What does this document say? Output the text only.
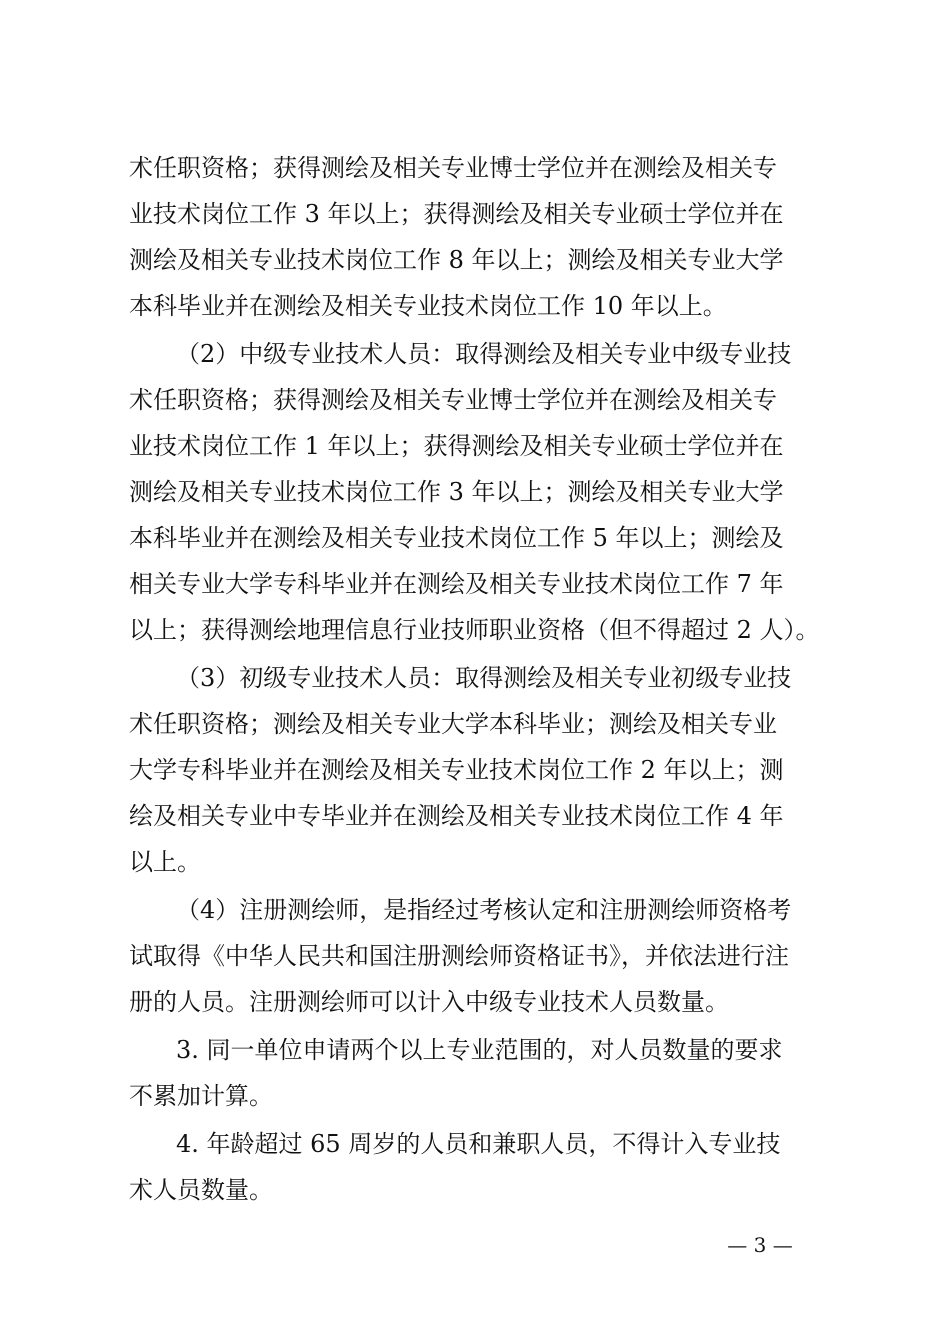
术任职资格；获得测绘及相关专业博士学位并在测绘及相关专
业技术岗位工作 3 年以上；获得测绘及相关专业硕士学位并在
测绘及相关专业技术岗位工作 8 年以上；测绘及相关专业大学
本科毕业并在测绘及相关专业技术岗位工作 10 年以上。
（2）中级专业技术人员：取得测绘及相关专业中级专业技
术任职资格；获得测绘及相关专业博士学位并在测绘及相关专
业技术岗位工作 1 年以上；获得测绘及相关专业硕士学位并在
测绘及相关专业技术岗位工作 3 年以上；测绘及相关专业大学
本科毕业并在测绘及相关专业技术岗位工作 5 年以上；测绘及
相关专业大学专科毕业并在测绘及相关专业技术岗位工作 7 年
以上；获得测绘地理信息行业技师职业资格（但不得超过 2 人）。
（3）初级专业技术人员：取得测绘及相关专业初级专业技
术任职资格；测绘及相关专业大学本科毕业；测绘及相关专业
大学专科毕业并在测绘及相关专业技术岗位工作 2 年以上；测
绘及相关专业中专毕业并在测绘及相关专业技术岗位工作 4 年
以上。
（4）注册测绘师，是指经过考核认定和注册测绘师资格考
试取得《中华人民共和国注册测绘师资格证书》，并依法进行注
册的人员。注册测绘师可以计入中级专业技术人员数量。
3. 同一单位申请两个以上专业范围的，对人员数量的要求
不累加计算。
4. 年龄超过 65 周岁的人员和兼职人员，不得计入专业技
术人员数量。
— 3 —
